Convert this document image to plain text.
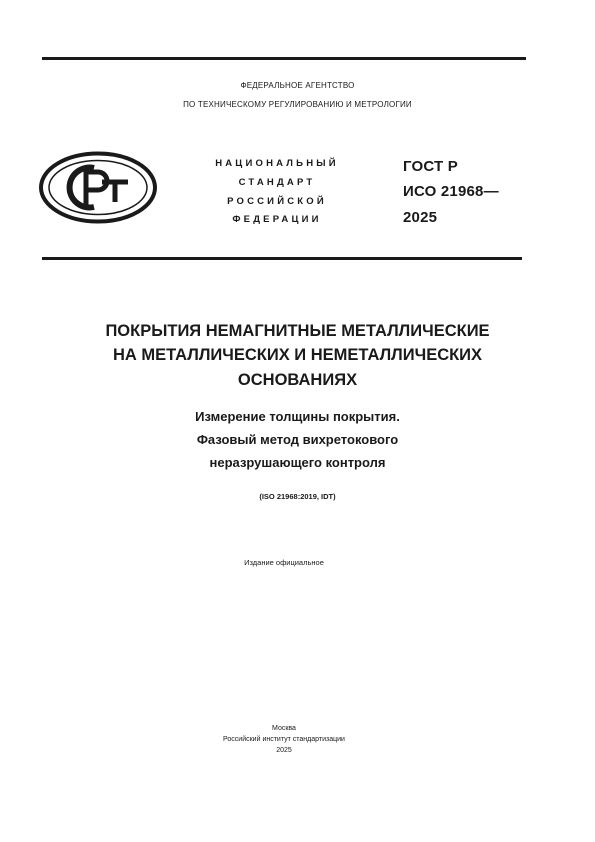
ФЕДЕРАЛЬНОЕ АГЕНТСТВО
ПО ТЕХНИЧЕСКОМУ РЕГУЛИРОВАНИЮ И МЕТРОЛОГИИ
НАЦИОНАЛЬНЫЙ
СТАНДАРТ
РОССИЙСКОЙ
ФЕДЕРАЦИИ
ГОСТ Р
ИСО 21968—
2025
ПОКРЫТИЯ НЕМАГНИТНЫЕ МЕТАЛЛИЧЕСКИЕ
НА МЕТАЛЛИЧЕСКИХ И НЕМЕТАЛЛИЧЕСКИХ
ОСНОВАНИЯХ
Измерение толщины покрытия.
Фазовый метод вихретокового
неразрушающего контроля
(ISO 21968:2019, IDT)
Издание официальное
Москва
Российский институт стандартизации
2025
